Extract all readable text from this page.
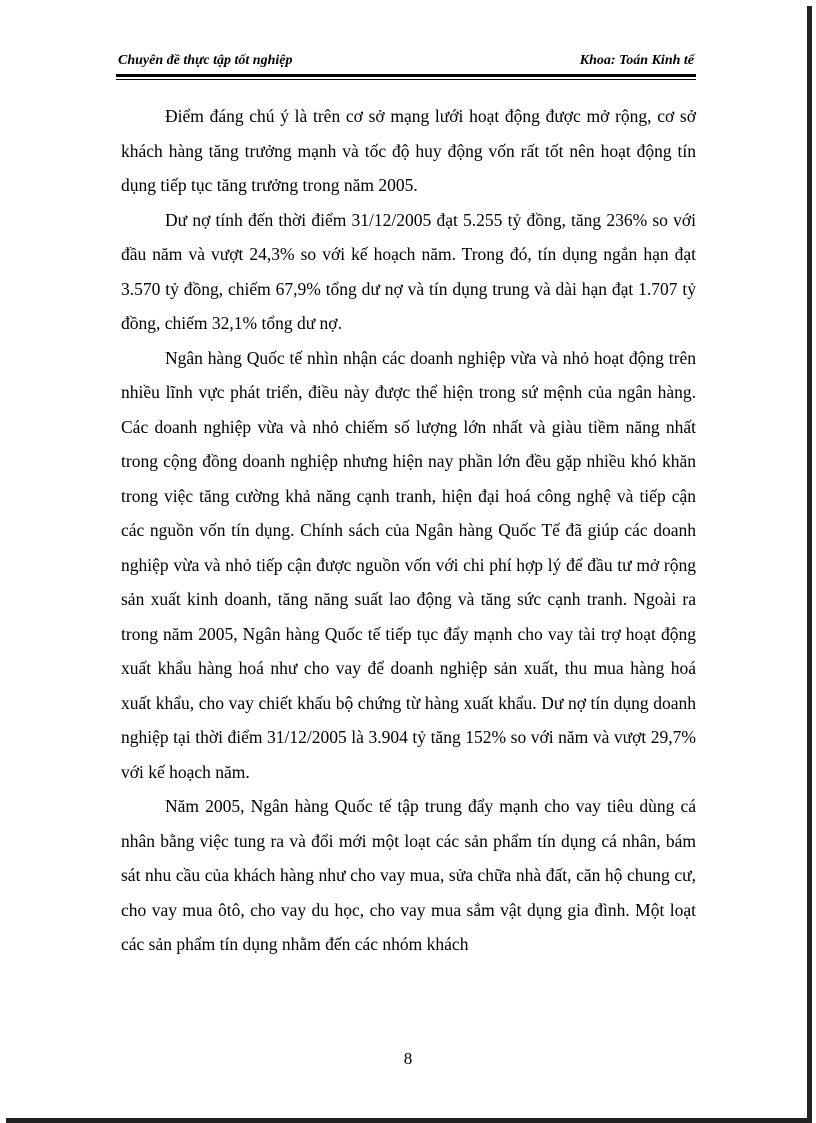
Chuyên đề thực tập tốt nghiệp	Khoa: Toán Kinh tế

Điểm đáng chú ý là trên cơ sở mạng lưới hoạt động được mở rộng, cơ sở khách hàng tăng trưởng mạnh và tốc độ huy động vốn rất tốt nên hoạt động tín dụng tiếp tục tăng trưởng trong năm 2005.

Dư nợ tính đến thời điểm 31/12/2005 đạt 5.255 tỷ đồng, tăng 236% so với đầu năm và vượt 24,3% so với kế hoạch năm. Trong đó, tín dụng ngắn hạn đạt 3.570 tỷ đồng, chiếm 67,9% tổng dư nợ và tín dụng trung và dài hạn đạt 1.707 tỷ đồng, chiếm 32,1% tổng dư nợ.

Ngân hàng Quốc tế nhìn nhận các doanh nghiệp vừa và nhỏ hoạt động trên nhiều lĩnh vực phát triển, điều này được thể hiện trong sứ mệnh của ngân hàng. Các doanh nghiệp vừa và nhỏ chiếm số lượng lớn nhất và giàu tiềm năng nhất trong cộng đồng doanh nghiệp nhưng hiện nay phần lớn đều gặp nhiều khó khăn trong việc tăng cường khả năng cạnh tranh, hiện đại hoá công nghệ và tiếp cận các nguồn vốn tín dụng. Chính sách của Ngân hàng Quốc Tế đã giúp các doanh nghiệp vừa và nhỏ tiếp cận được nguồn vốn với chi phí hợp lý để đầu tư mở rộng sản xuất kinh doanh, tăng năng suất lao động và tăng sức cạnh tranh. Ngoài ra trong năm 2005, Ngân hàng Quốc tế tiếp tục đẩy mạnh cho vay tài trợ hoạt động xuất khẩu hàng hoá như cho vay để doanh nghiệp sản xuất, thu mua hàng hoá xuất khẩu, cho vay chiết khấu bộ chứng từ hàng xuất khẩu. Dư nợ tín dụng doanh nghiệp tại thời điểm 31/12/2005 là 3.904 tỷ tăng 152% so với năm và vượt 29,7% với kế hoạch năm.

Năm 2005, Ngân hàng Quốc tế tập trung đẩy mạnh cho vay tiêu dùng cá nhân bằng việc tung ra và đổi mới một loạt các sản phẩm tín dụng cá nhân, bám sát nhu cầu của khách hàng như cho vay mua, sửa chữa nhà đất, căn hộ chung cư, cho vay mua ôtô, cho vay du học, cho vay mua sắm vật dụng gia đình. Một loạt các sản phẩm tín dụng nhằm đến các nhóm khách

8
